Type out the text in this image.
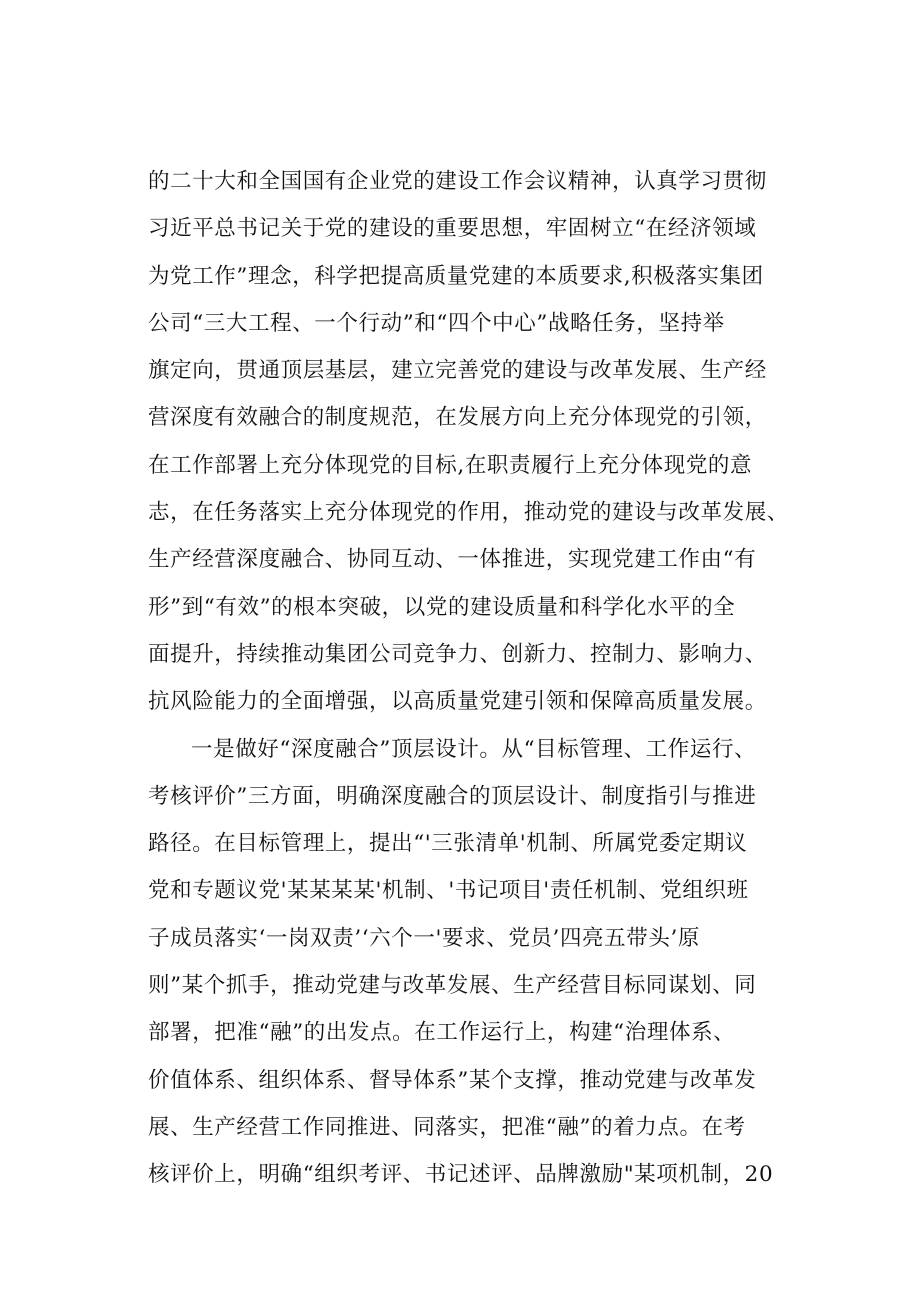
的二十大和全国国有企业党的建设工作会议精神，认真学习贯彻
习近平总书记关于党的建设的重要思想，牢固树立“在经济领域
为党工作”理念，科学把提高质量党建的本质要求,积极落实集团
公司“三大工程、一个行动”和“四个中心”战略任务，坚持举
旗定向，贯通顶层基层，建立完善党的建设与改革发展、生产经
营深度有效融合的制度规范，在发展方向上充分体现党的引领，
在工作部署上充分体现党的目标,在职责履行上充分体现党的意
志，在任务落实上充分体现党的作用，推动党的建设与改革发展、
生产经营深度融合、协同互动、一体推进，实现党建工作由“有
形”到“有效”的根本突破，以党的建设质量和科学化水平的全
面提升，持续推动集团公司竞争力、创新力、控制力、影响力、
抗风险能力的全面增强，以高质量党建引领和保障高质量发展。
一是做好“深度融合”顶层设计。从“目标管理、工作运行、
考核评价”三方面，明确深度融合的顶层设计、制度指引与推进
路径。在目标管理上，提出“'三张清单'机制、所属党委定期议
党和专题议党'某某某某'机制、'书记项目'责任机制、党组织班
子成员落实‘一岗双责’‘六个一'要求、党员’四亮五带头’原
则”某个抓手，推动党建与改革发展、生产经营目标同谋划、同
部署，把准“融”的出发点。在工作运行上，构建“治理体系、
价值体系、组织体系、督导体系”某个支撑，推动党建与改革发
展、生产经营工作同推进、同落实，把准“融”的着力点。在考
核评价上，明确“组织考评、书记述评、品牌激励"某项机制，20
